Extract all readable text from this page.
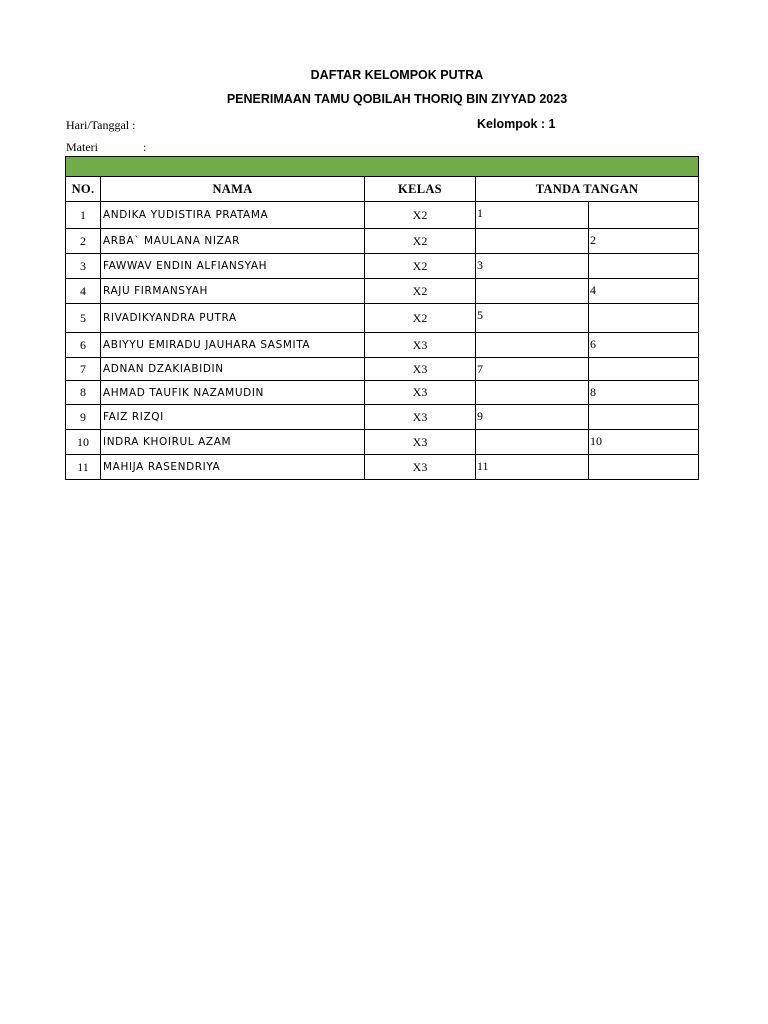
DAFTAR KELOMPOK PUTRA
PENERIMAAN TAMU QOBILAH THORIQ BIN ZIYYAD 2023
Hari/Tanggal :	Kelompok : 1
Materi	:

NO.	NAMA	KELAS	TANDA TANGAN	
1	ANDIKA YUDISTIRA PRATAMA	X2	1	
2	ARBA` MAULANA NIZAR	X2		2
3	FAWWAV ENDIN ALFIANSYAH	X2	3	
4	RAJU FIRMANSYAH	X2		4
5	RIVADIKYANDRA PUTRA	X2	5	
6	ABIYYU EMIRADU JAUHARA SASMITA	X3		6
7	ADNAN DZAKIABIDIN	X3	7	
8	AHMAD TAUFIK NAZAMUDIN	X3		8
9	FAIZ RIZQI	X3	9	
10	INDRA KHOIRUL AZAM	X3		10
11	MAHIJA RASENDRIYA	X3	11	
